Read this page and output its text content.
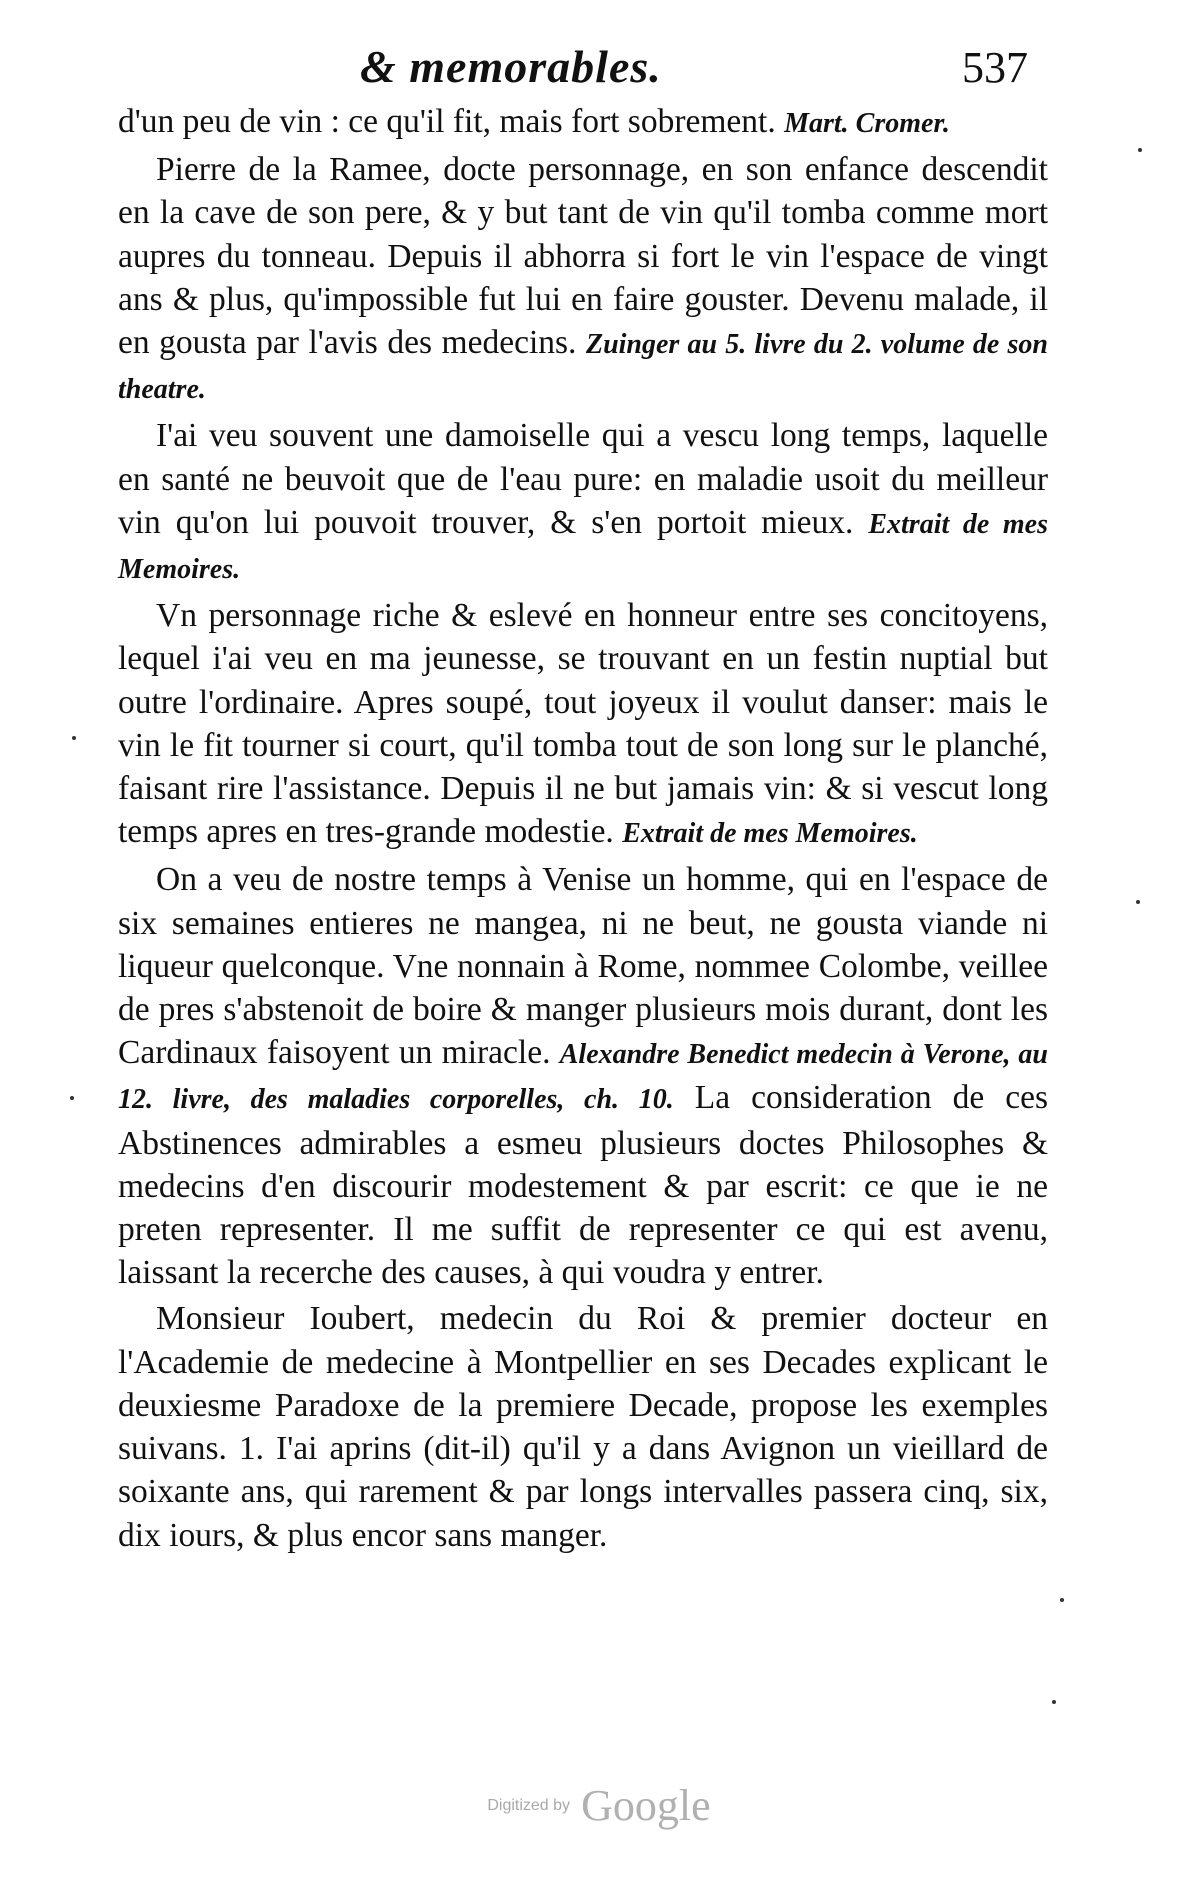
& memorables.	537

d'un peu de vin : ce qu'il fit, mais fort sobrement. Mart. Cromer.

Pierre de la Ramee, docte personnage, en son enfance descendit en la cave de son pere, & y but tant de vin qu'il tomba comme mort aupres du tonneau. Depuis il abhorra si fort le vin l'espace de vingt ans & plus, qu'impossible fut lui en faire gouster. Devenu malade, il en gousta par l'avis des medecins. Zuinger au 5. livre du 2. volume de son theatre.

I'ai veu souvent une damoiselle qui a vescu long temps, laquelle en santé ne beuvoit que de l'eau pure: en maladie usoit du meilleur vin qu'on lui pouvoit trouver, & s'en portoit mieux. Extrait de mes Memoires.

Vn personnage riche & eslevé en honneur entre ses concitoyens, lequel i'ai veu en ma jeunesse, se trouvant en un festin nuptial but outre l'ordinaire. Apres soupé, tout joyeux il voulut danser: mais le vin le fit tourner si court, qu'il tomba tout de son long sur le planché, faisant rire l'assistance. Depuis il ne but jamais vin: & si vescut long temps apres en tres-grande modestie. Extrait de mes Memoires.

On a veu de nostre temps à Venise un homme, qui en l'espace de six semaines entieres ne mangea, ni ne beut, ne gousta viande ni liqueur quelconque. Vne nonnain à Rome, nommee Colombe, veillee de pres s'abstenoit de boire & manger plusieurs mois durant, dont les Cardinaux faisoyent un miracle. Alexandre Benedict medecin à Verone, au 12. livre, des maladies corporelles, ch. 10. La consideration de ces Abstinences admirables a esmeu plusieurs doctes Philosophes & medecins d'en discourir modestement & par escrit: ce que ie ne preten representer. Il me suffit de representer ce qui est avenu, laissant la recerche des causes, à qui voudra y entrer.

Monsieur Ioubert, medecin du Roi & premier docteur en l'Academie de medecine à Montpellier en ses Decades explicant le deuxiesme Paradoxe de la premiere Decade, propose les exemples suivans. 1. I'ai aprins (dit-il) qu'il y a dans Avignon un vieillard de soixante ans, qui rarement & par longs intervalles passera cinq, six, dix iours, & plus encor sans manger.

Digitized by Google
